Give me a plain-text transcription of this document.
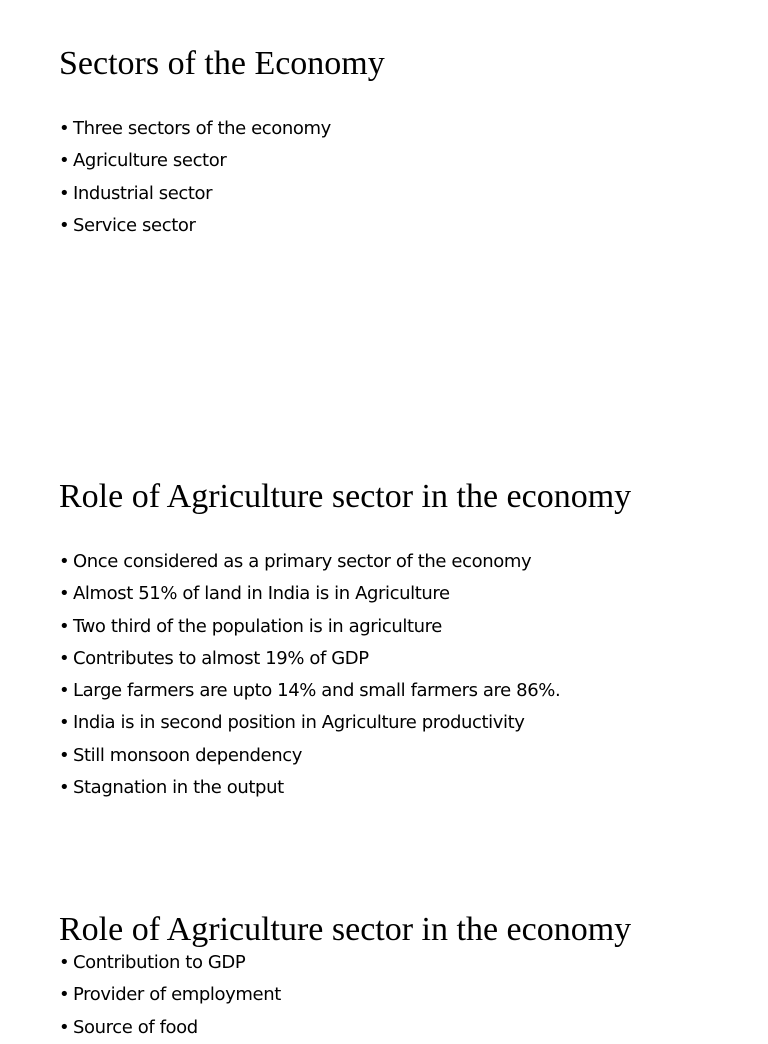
Sectors of the Economy
• Three sectors of the economy
• Agriculture sector
• Industrial sector
• Service sector
Role of Agriculture sector in the economy
• Once considered as a primary sector of the economy
• Almost 51% of land in India is in Agriculture
• Two third of the population is in agriculture
• Contributes to almost 19% of GDP
• Large farmers are upto 14% and small farmers are 86%.
• India is in second position in Agriculture productivity
• Still monsoon dependency
• Stagnation in the output
Role of Agriculture sector in the economy
• Contribution to GDP
• Provider of employment
• Source of food
